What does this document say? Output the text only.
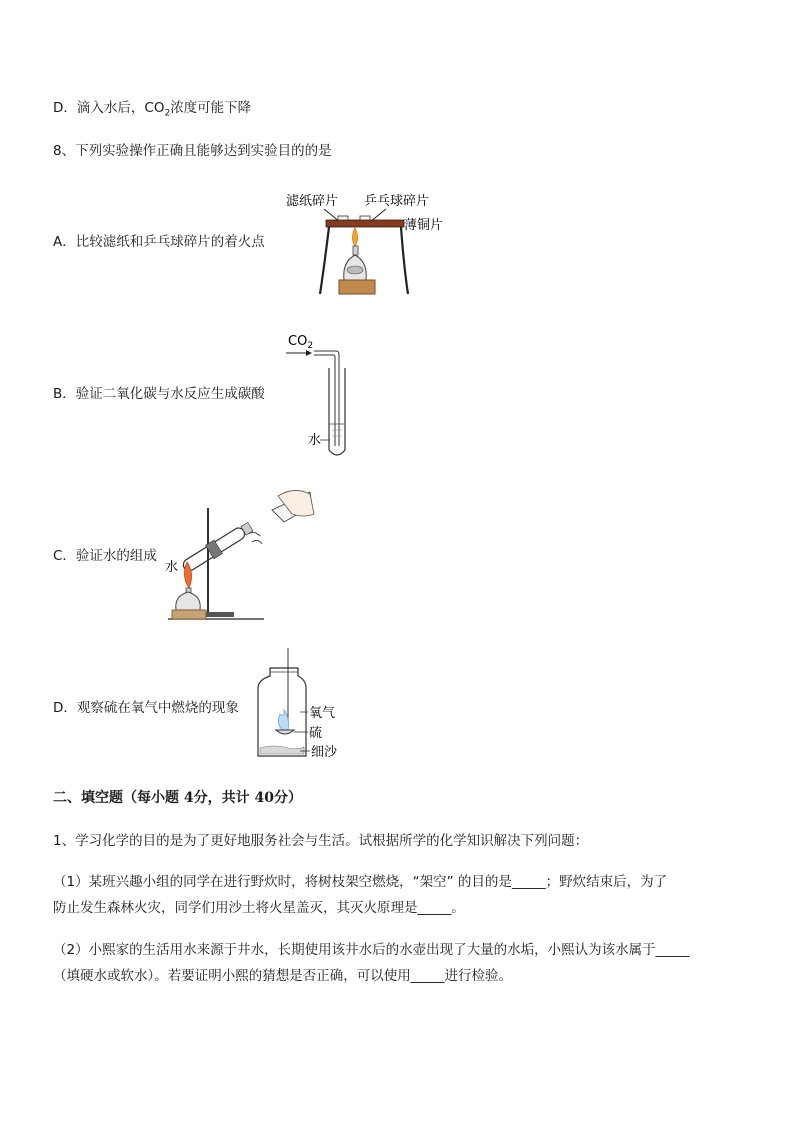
D．滴入水后，$CO_2$浓度可能下降
8、下列实验操作正确且能够达到实验目的的是
A．比较滤纸和乒乓球碎片的着火点
滤纸碎片 乒乓球碎片
薄铜片
B．验证二氧化碳与水反应生成碳酸
$CO_2$
水
C．验证水的组成
水
D．观察硫在氧气中燃烧的现象	氧气
硫
细沙
二、填空题（每小题 4分，共计 40分）
1、学习化学的目的是为了更好地服务社会与生活。试根据所学的化学知识解决下列问题：
（1）某班兴趣小组的同学在进行野炊时，将树枝架空燃烧，“架空” 的目的是_____；野炊结束后，为了
防止发生森林火灾，同学们用沙土将火星盖灭，其灭火原理是_____。
（2）小熙家的生活用水来源于井水，长期使用该井水后的水壶出现了大量的水垢，小熙认为该水属于_____
（填硬水或软水）。若要证明小熙的猜想是否正确，可以使用_____进行检验。
